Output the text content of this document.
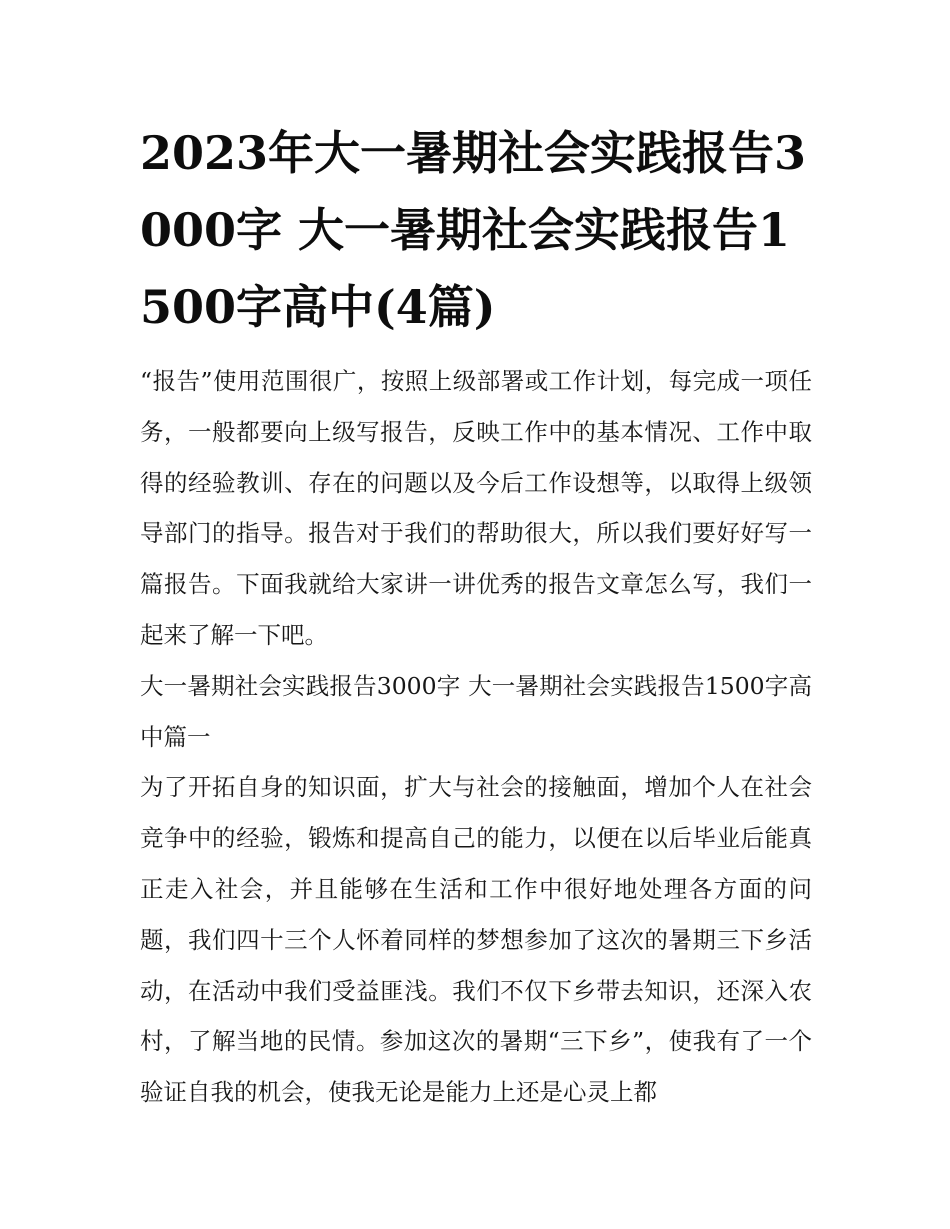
2023年大一暑期社会实践报告3000字 大一暑期社会实践报告1500字高中(4篇)

“报告”使用范围很广，按照上级部署或工作计划，每完成一项任务，一般都要向上级写报告，反映工作中的基本情况、工作中取得的经验教训、存在的问题以及今后工作设想等，以取得上级领导部门的指导。报告对于我们的帮助很大，所以我们要好好写一篇报告。下面我就给大家讲一讲优秀的报告文章怎么写，我们一起来了解一下吧。

大一暑期社会实践报告3000字 大一暑期社会实践报告1500字高中篇一

为了开拓自身的知识面，扩大与社会的接触面，增加个人在社会竞争中的经验，锻炼和提高自己的能力，以便在以后毕业后能真正走入社会，并且能够在生活和工作中很好地处理各方面的问题，我们四十三个人怀着同样的梦想参加了这次的暑期三下乡活动，在活动中我们受益匪浅。我们不仅下乡带去知识，还深入农村，了解当地的民情。参加这次的暑期“三下乡”，使我有了一个验证自我的机会，使我无论是能力上还是心灵上都
